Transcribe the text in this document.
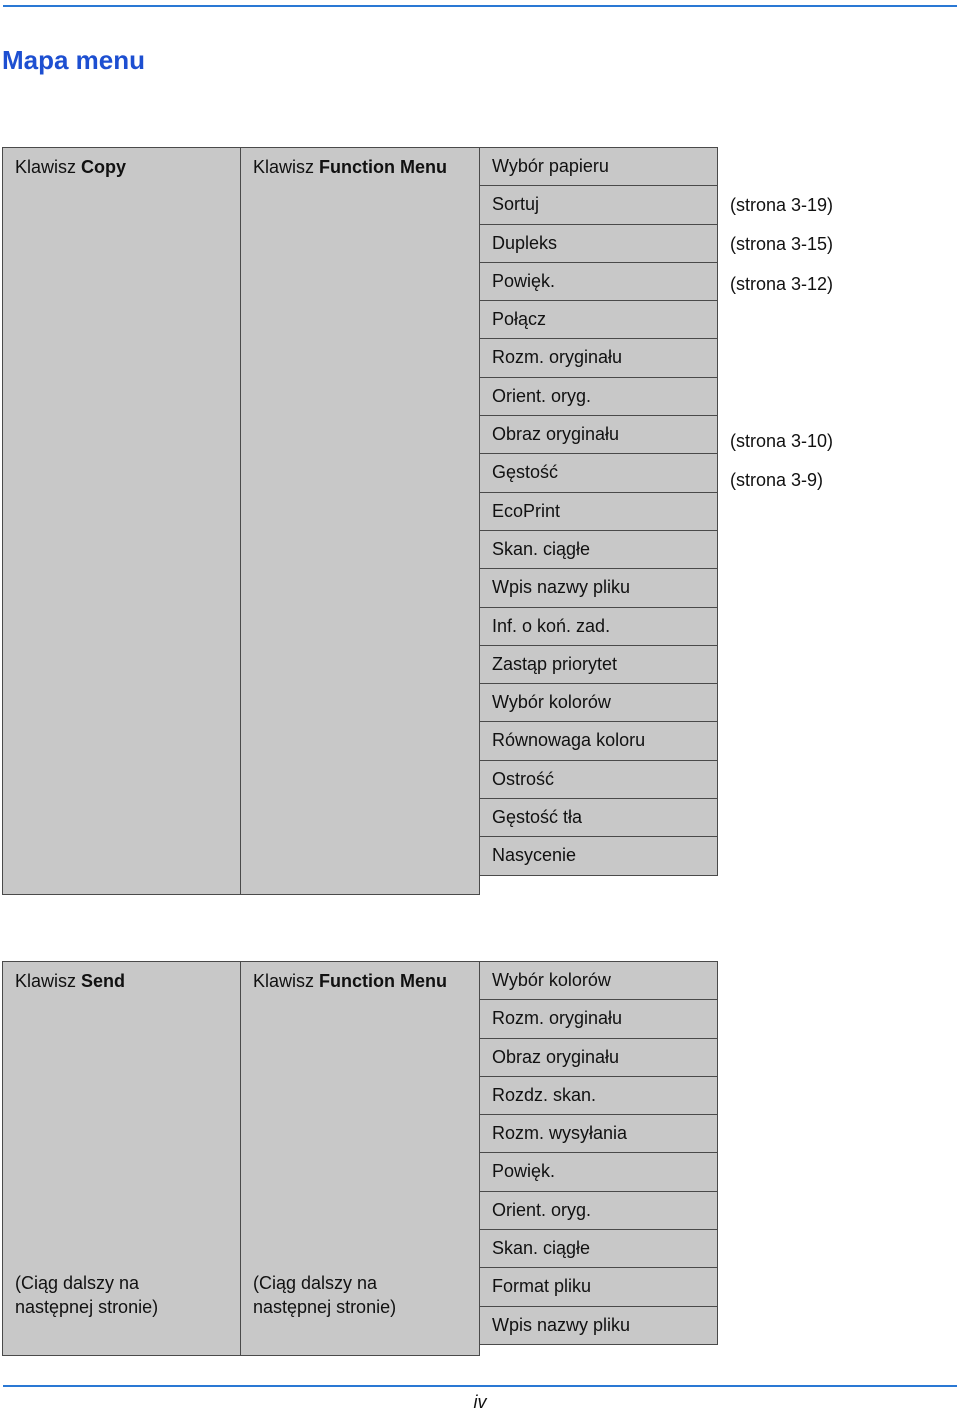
Mapa menu
Klawisz Copy	Klawisz Function Menu	Wybór papieru
Sortuj
Dupleks
Powięk.
Połącz
Rozm. oryginału
Orient. oryg.
Obraz oryginału
Gęstość
EcoPrint
Skan. ciągłe
Wpis nazwy pliku
Inf. o koń. zad.
Zastąp priorytet
Wybór kolorów
Równowaga koloru
Ostrość
Gęstość tła
Nasycenie
(strona 3-19)
(strona 3-15)
(strona 3-12)
(strona 3-10)
(strona 3-9)
Klawisz Send
(Ciąg dalszy na
następnej stronie)
Klawisz Function Menu
(Ciąg dalszy na
następnej stronie)
Wybór kolorów
Rozm. oryginału
Obraz oryginału
Rozdz. skan.
Rozm. wysyłania
Powięk.
Orient. oryg.
Skan. ciągłe
Format pliku
Wpis nazwy pliku
iv
